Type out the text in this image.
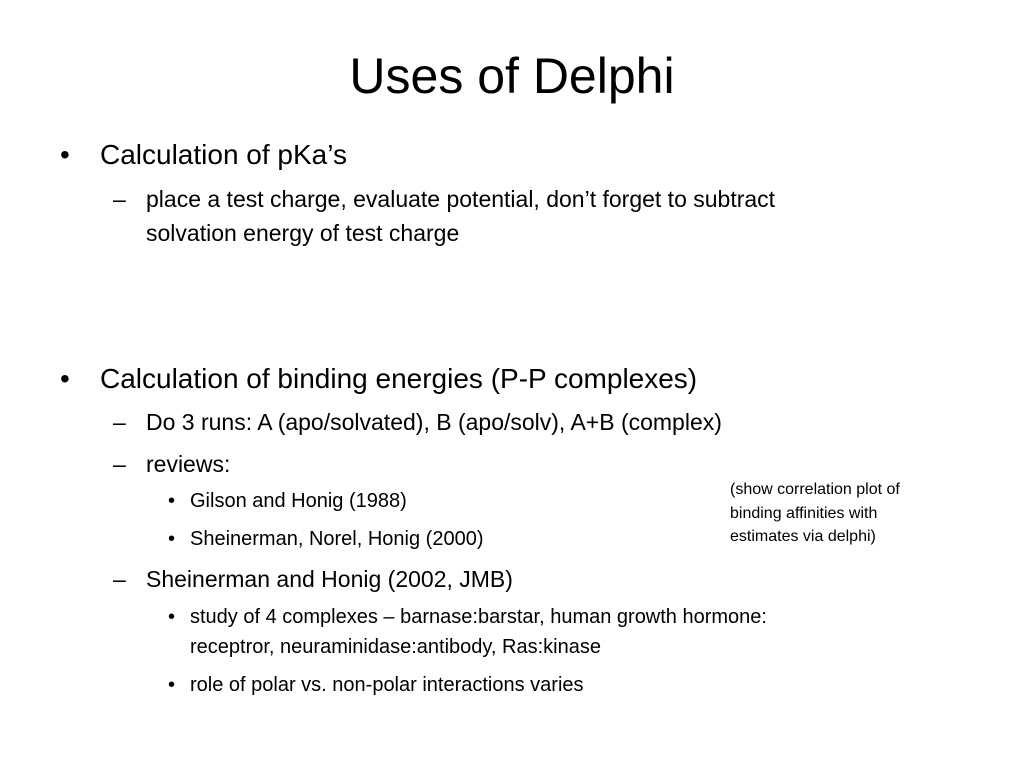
Uses of Delphi
• Calculation of pKa’s
– place a test charge, evaluate potential, don’t forget to subtract
solvation energy of test charge
• Calculation of binding energies (P-P complexes)
– Do 3 runs: A (apo/solvated), B (apo/solv), A+B (complex)
– reviews:
• Gilson and Honig (1988)
• Sheinerman, Norel, Honig (2000)
– Sheinerman and Honig (2002, JMB)
• study of 4 complexes – barnase:barstar, human growth hormone:
receptror, neuraminidase:antibody, Ras:kinase
• role of polar vs. non-polar interactions varies
(show correlation plot of
binding affinities with
estimates via delphi)
